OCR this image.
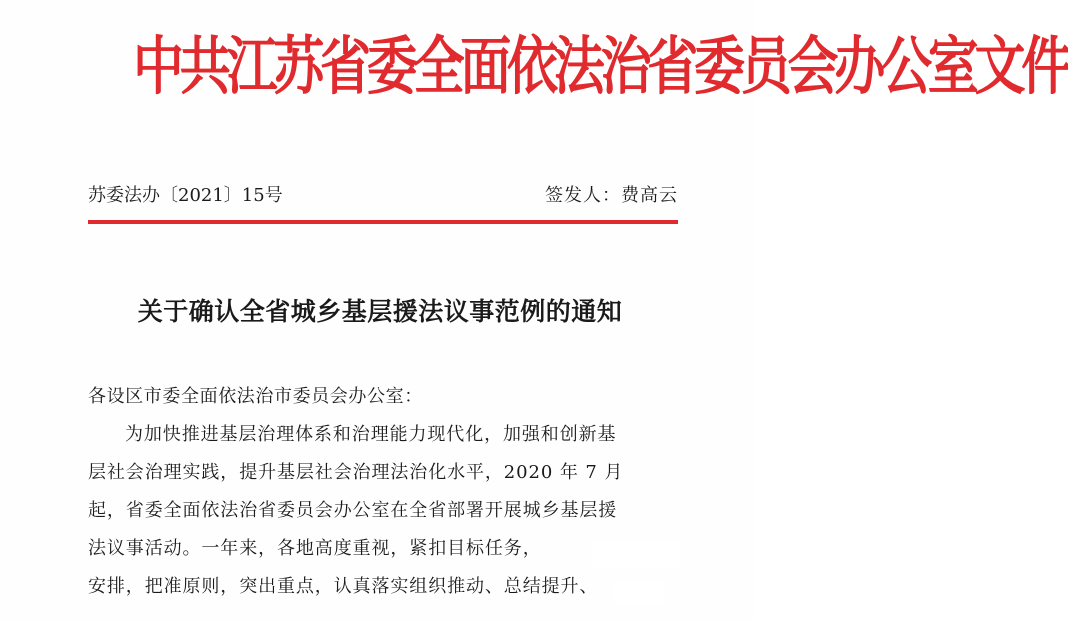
中共江苏省委全面依法治省委员会办公室文件
苏委法办〔2021〕15号	签发人：费高云
关于确认全省城乡基层援法议事范例的通知
各设区市委全面依法治市委员会办公室：
为加快推进基层治理体系和治理能力现代化，加强和创新基
层社会治理实践，提升基层社会治理法治化水平，2020 年 7 月
起，省委全面依法治省委员会办公室在全省部署开展城乡基层援
法议事活动。一年来，各地高度重视，紧扣目标任务，
安排，把准原则，突出重点，认真落实组织推动、总结提升、
